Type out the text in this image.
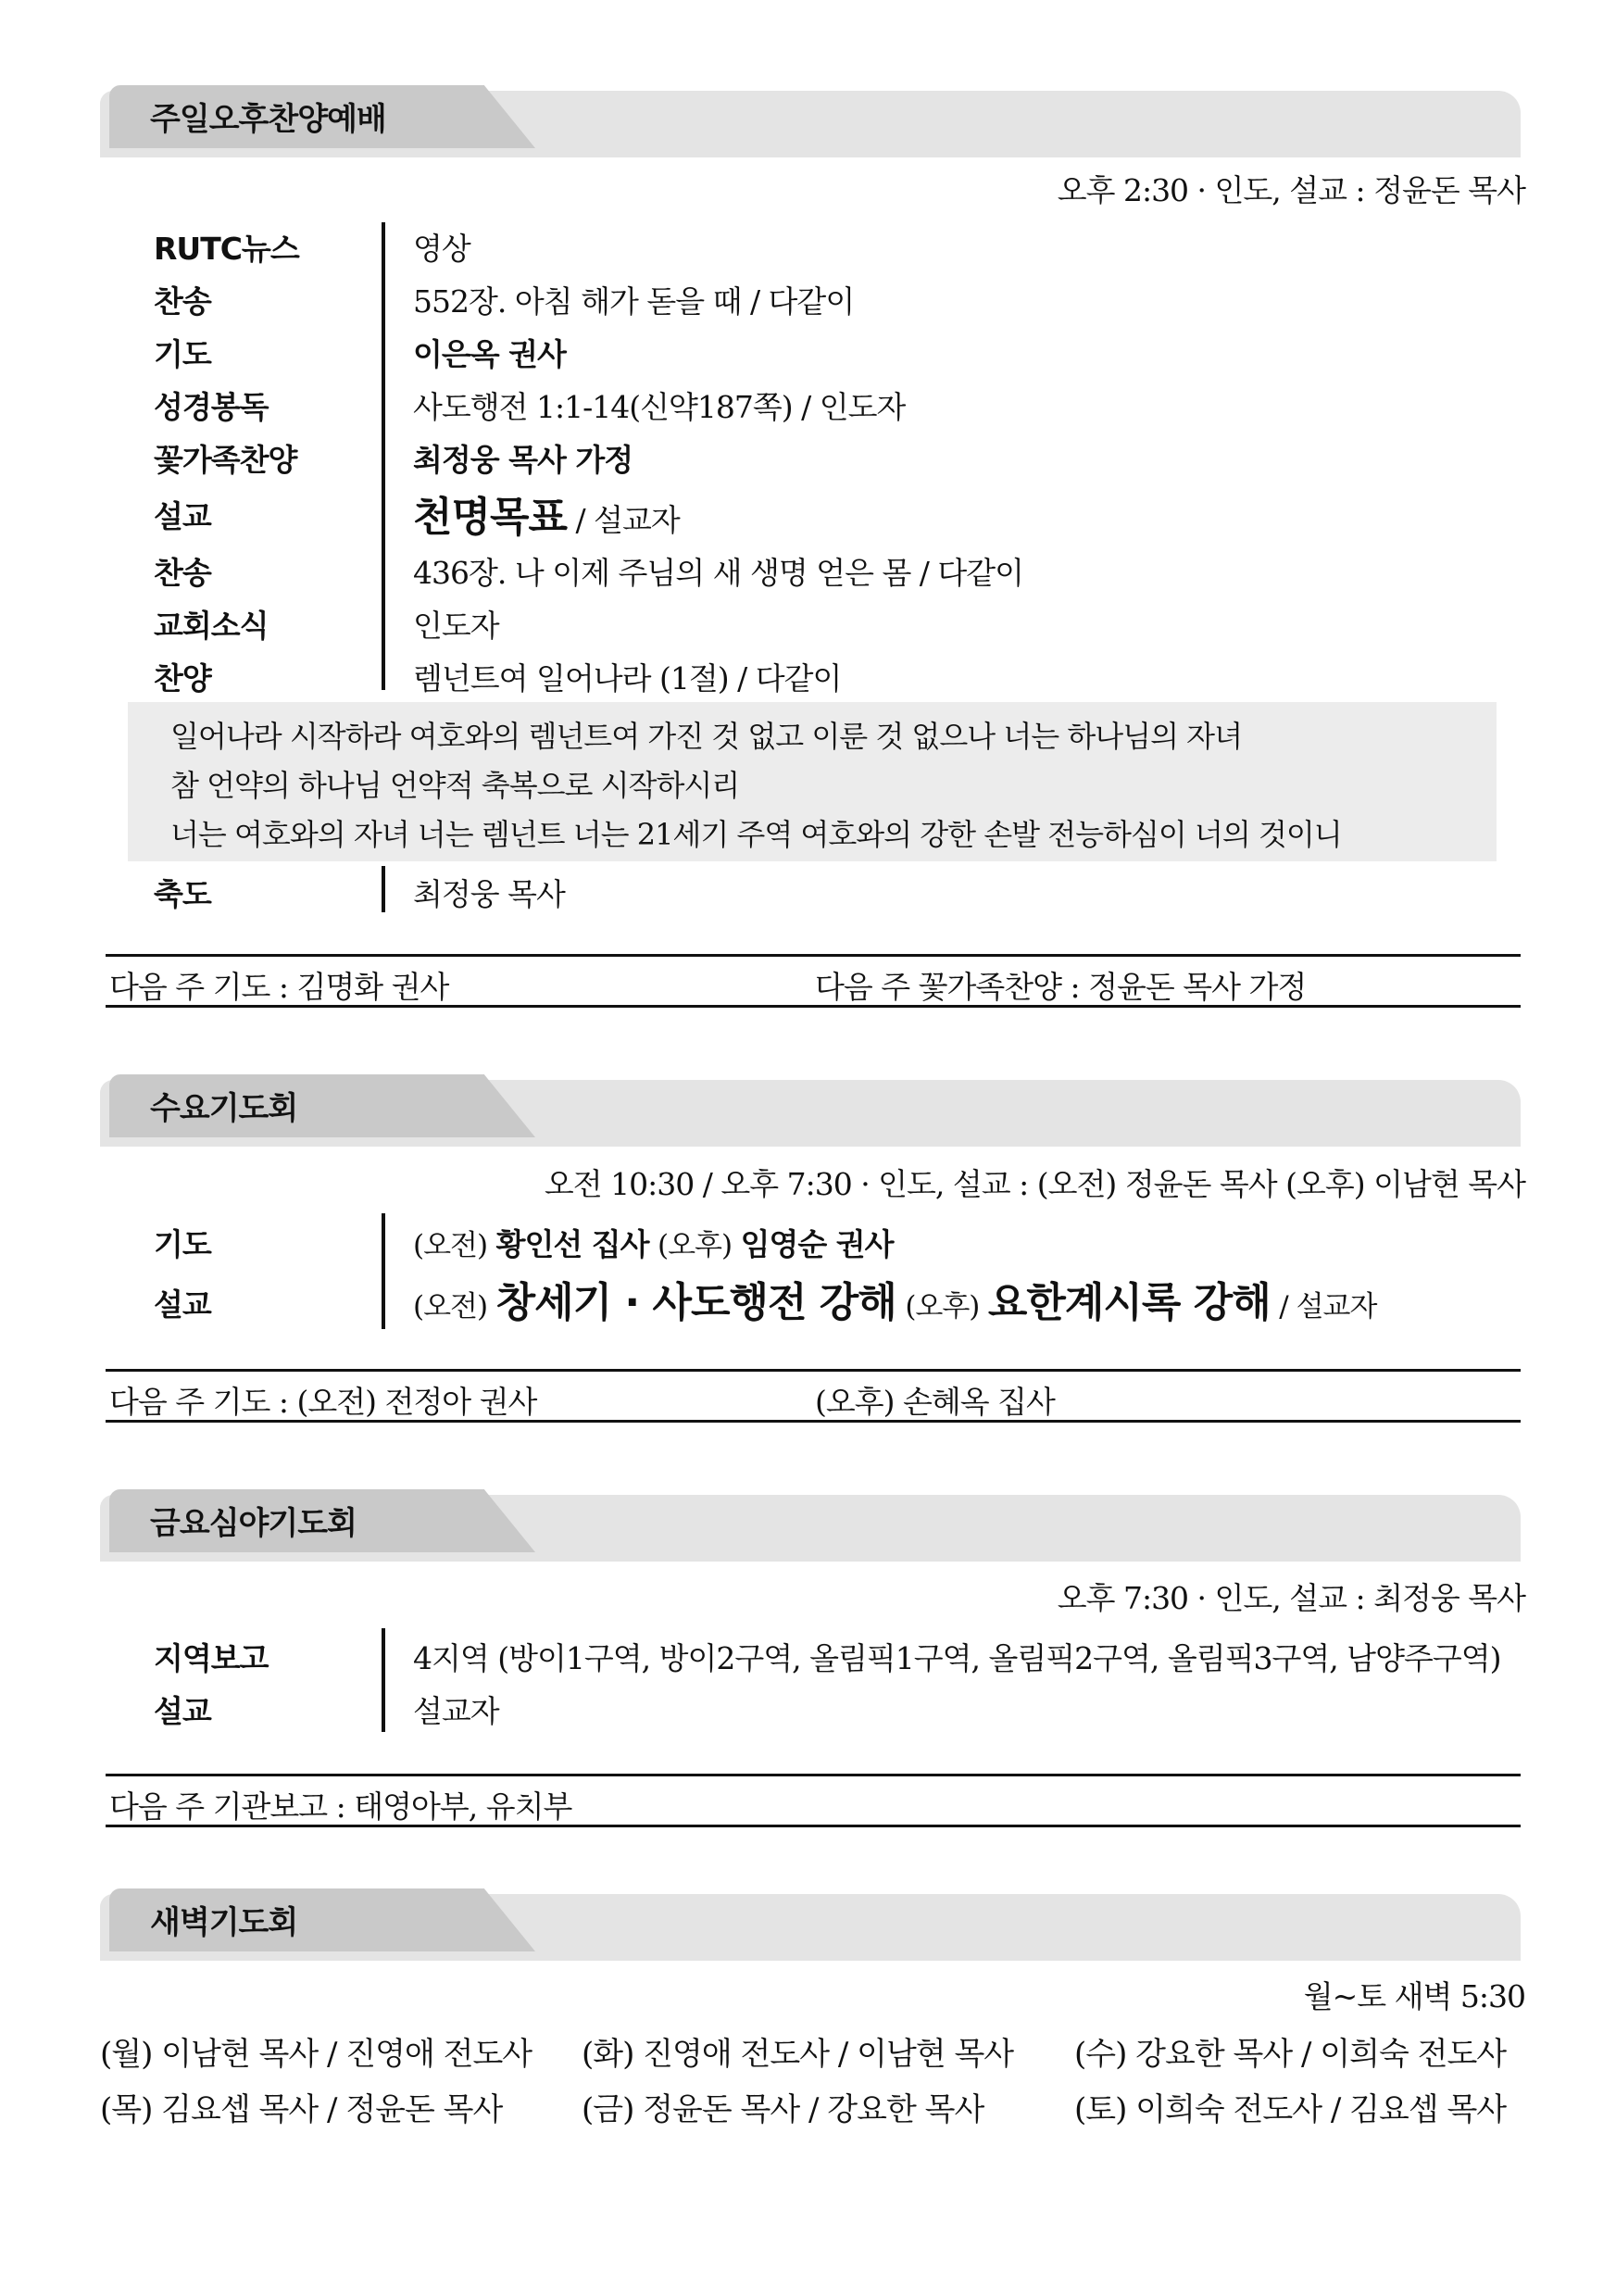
주일오후찬양예배
오후 2:30 · 인도, 설교 : 정윤돈 목사
RUTC뉴스	영상
찬송	552장. 아침 해가 돋을 때 / 다같이
기도	이은옥 권사
성경봉독	사도행전 1:1-14(신약187쪽) / 인도자
꽃가족찬양	최정웅 목사 가정
설교	천명목표 / 설교자
찬송	436장. 나 이제 주님의 새 생명 얻은 몸 / 다같이
교회소식	인도자
찬양	렘넌트여 일어나라 (1절) / 다같이
일어나라 시작하라 여호와의 렘넌트여 가진 것 없고 이룬 것 없으나 너는 하나님의 자녀
참 언약의 하나님 언약적 축복으로 시작하시리
너는 여호와의 자녀 너는 렘넌트 너는 21세기 주역 여호와의 강한 손발 전능하심이 너의 것이니
축도	최정웅 목사
다음 주 기도 : 김명화 권사	다음 주 꽃가족찬양 : 정윤돈 목사 가정
수요기도회
오전 10:30 / 오후 7:30 · 인도, 설교 : (오전) 정윤돈 목사 (오후) 이남현 목사
기도	(오전) 황인선 집사 (오후) 임영순 권사
설교	(오전) 창세기 · 사도행전 강해 (오후) 요한계시록 강해 / 설교자
다음 주 기도 : (오전) 전정아 권사	(오후) 손혜옥 집사
금요심야기도회
오후 7:30 · 인도, 설교 : 최정웅 목사
지역보고	4지역 (방이1구역, 방이2구역, 올림픽1구역, 올림픽2구역, 올림픽3구역, 남양주구역)
설교	설교자
다음 주 기관보고 : 태영아부, 유치부
새벽기도회
월~토 새벽 5:30
(월) 이남현 목사 / 진영애 전도사 (화) 진영애 전도사 / 이남현 목사 (수) 강요한 목사 / 이희숙 전도사
(목) 김요셉 목사 / 정윤돈 목사	(금) 정윤돈 목사 / 강요한 목사	(토) 이희숙 전도사 / 김요셉 목사
